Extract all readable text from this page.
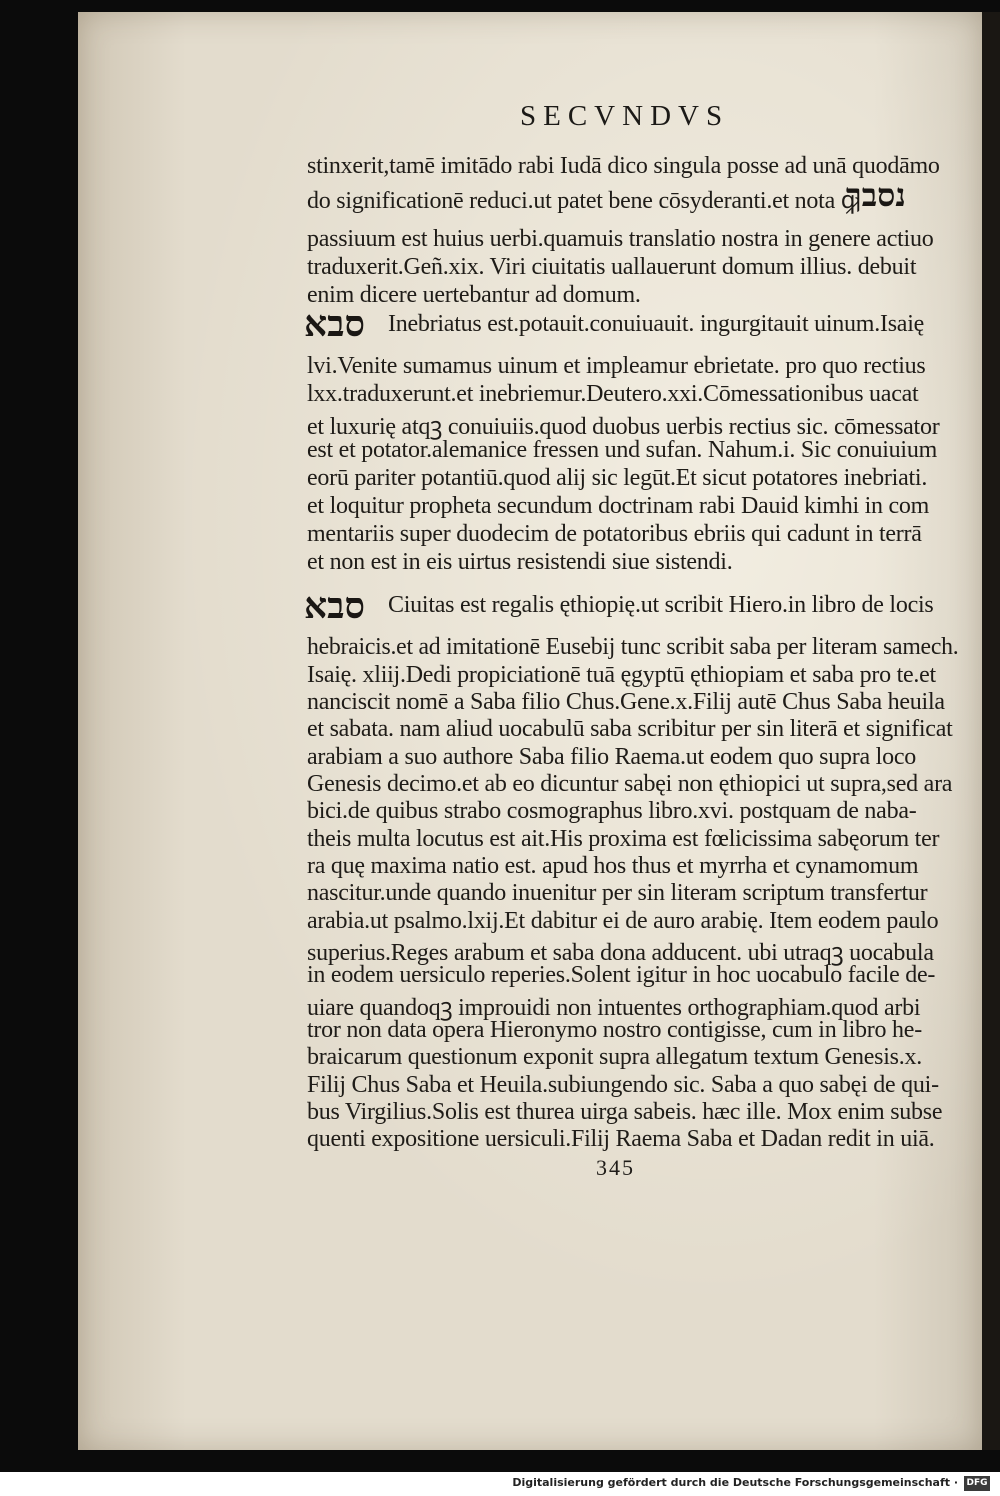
SECVNDVS
stinxerit,tamē imitādo rabi Iudā dico singula posse ad unā quodāmo
do significationē reduci.ut patet bene cōsyderanti.et nota ꝙ
נסבך
passiuum est huius uerbi.quamuis translatio nostra in genere actiuo
traduxerit.Geñ.xix. Viri ciuitatis uallauerunt domum illius. debuit
enim dicere uertebantur ad domum.
סבא Inebriatus est.potauit.conuiuauit. ingurgitauit uinum.Isaię
lvi.Venite sumamus uinum et impleamur ebrietate. pro quo rectius
lxx.traduxerunt.et inebriemur.Deutero.xxi.Cōmessationibus uacat
et luxurię atqꝫ conuiuiis.quod duobus uerbis rectius sic. cōmessator
est et potator.alemanice fressen und sufan. Nahum.i. Sic conuiuium
eorū pariter potantiū.quod alij sic legūt.Et sicut potatores inebriati.
et loquitur propheta secundum doctrinam rabi Dauid kimhi in com
mentariis super duodecim de potatoribus ebriis qui cadunt in terrā
et non est in eis uirtus resistendi siue sistendi.
סבא Ciuitas est regalis ęthiopię.ut scribit Hiero.in libro de locis
hebraicis.et ad imitationē Eusebij tunc scribit saba per literam samech.
Isaię. xliij.Dedi propiciationē tuā ęgyptū ęthiopiam et saba pro te.et
nanciscit nomē a Saba filio Chus.Gene.x.Filij autē Chus Saba heuila
et sabata. nam aliud uocabulū saba scribitur per sin literā et significat
arabiam a suo authore Saba filio Raema.ut eodem quo supra loco
Genesis decimo.et ab eo dicuntur sabęi non ęthiopici ut supra,sed ara
bici.de quibus strabo cosmographus libro.xvi. postquam de naba-
theis multa locutus est ait.His proxima est fœlicissima sabęorum ter
ra quę maxima natio est. apud hos thus et myrrha et cynamomum
nascitur.unde quando inuenitur per sin literam scriptum transfertur
arabia.ut psalmo.lxij.Et dabitur ei de auro arabię. Item eodem paulo
superius.Reges arabum et saba dona adducent. ubi utraqꝫ uocabula
in eodem uersiculo reperies.Solent igitur in hoc uocabulo facile de-
uiare quandoqꝫ improuidi non intuentes orthographiam.quod arbi
tror non data opera Hieronymo nostro contigisse, cum in libro he-
braicarum questionum exponit supra allegatum textum Genesis.x.
Filij Chus Saba et Heuila.subiungendo sic. Saba a quo sabęi de qui-
bus Virgilius.Solis est thurea uirga sabeis. hæc ille. Mox enim subse
quenti expositione uersiculi.Filij Raema Saba et Dadan redit in uiā.
345
Digitalisierung gefördert durch die Deutsche Forschungsgemeinschaft · DFG
